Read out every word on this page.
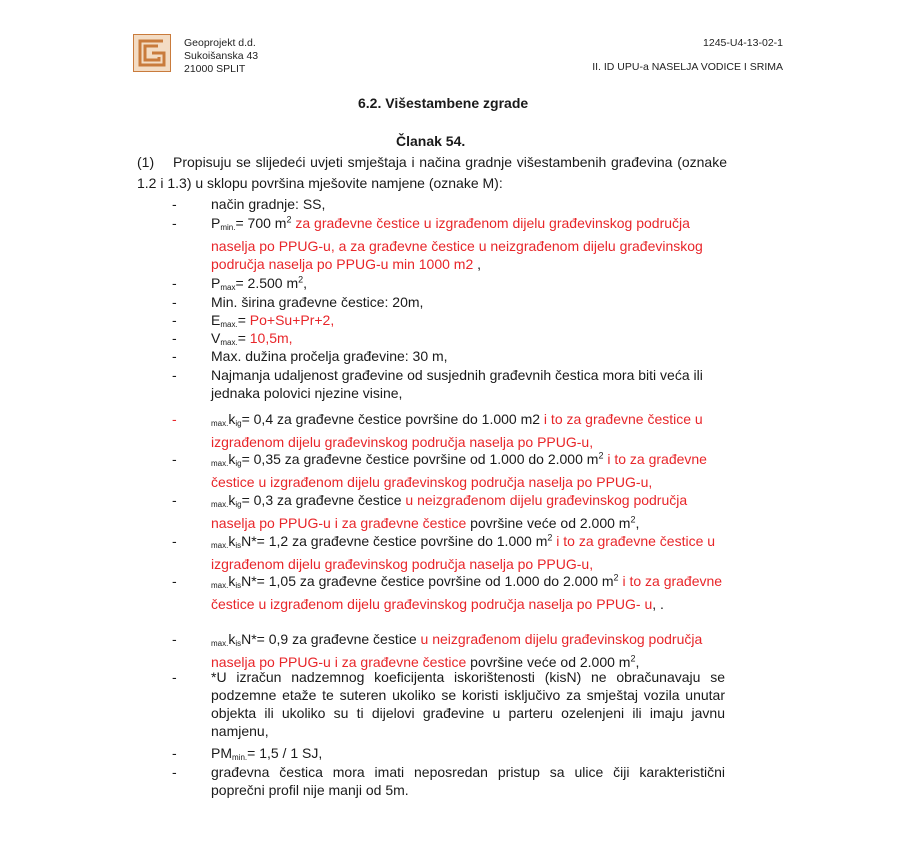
Geoprojekt d.d.
Sukoišanska 43
21000 SPLIT
1245-U4-13-02-1
II. ID UPU-a NASELJA VODICE I SRIMA
6.2. Višestambene zgrade
Članak 54.
(1) Propisuju se slijedeći uvjeti smještaja i načina gradnje višestambenih građevina (oznake 1.2 i 1.3) u sklopu površina mješovite namjene (oznake M):
- način gradnje: SS,
- $P_{min.}= 700$ $m^2$ za građevne čestice u izgrađenom dijelu građevinskog područja naselja po PPUG-u, a za građevne čestice u neizgrađenom dijelu građevinskog područja naselja po PPUG-u min 1000 m2 ,
- $P_{max}= 2.500$ $m^2$,
- Min. širina građevne čestice: 20m,
- $E_{max.}= Po+Su+Pr+2$,
- $V_{max.}= 10,5m$,
- Max. dužina pročelja građevine: 30 m,
- Najmanja udaljenost građevine od susjednih građevnih čestica mora biti veća ili jednaka polovici njezine visine,
-	$_{max.}k_{ig}= 0,4$ za građevne čestice površine do 1.000 m2 i to za građevne čestice u izgrađenom dijelu građevinskog područja naselja po PPUG-u,
-	$_{max.}k_{ig}= 0,35$ za građevne čestice površine od 1.000 do 2.000 $m^2$ i to za građevne čestice u izgrađenom dijelu građevinskog područja naselja po PPUG-u,
-	$_{max.}k_{ig}= 0,3$ za građevne čestice u neizgrađenom dijelu građevinskog područja naselja po PPUG-u i za građevne čestice površine veće od 2.000 $m^2$,
-	$_{max.}k_{is}N*= 1,2$ za građevne čestice površine do 1.000 $m^2$ i to za građevne čestice u izgrađenom dijelu građevinskog područja naselja po PPUG-u,
-	$_{max.}k_{is}N*= 1,05$ za građevne čestice površine od 1.000 do 2.000 $m^2$ i to za građevne čestice u izgrađenom dijelu građevinskog područja naselja po PPUG- u, .
-	$_{max.}k_{is}N*= 0,9$ za građevne čestice u neizgrađenom dijelu građevinskog područja naselja po PPUG-u i za građevne čestice površine veće od 2.000 $m^2$,
- *U izračun nadzemnog koeficijenta iskorištenosti (kisN) ne obračunavaju se podzemne etaže te suteren ukoliko se koristi isključivo za smještaj vozila unutar objekta ili ukoliko su ti dijelovi građevine u parteru ozelenjeni ili imaju javnu namjenu,
- $PM_{min.}= 1,5 / 1$ SJ,
- građevna čestica mora imati neposredan pristup sa ulice čiji karakteristični poprečni profil nije manji od 5m.
